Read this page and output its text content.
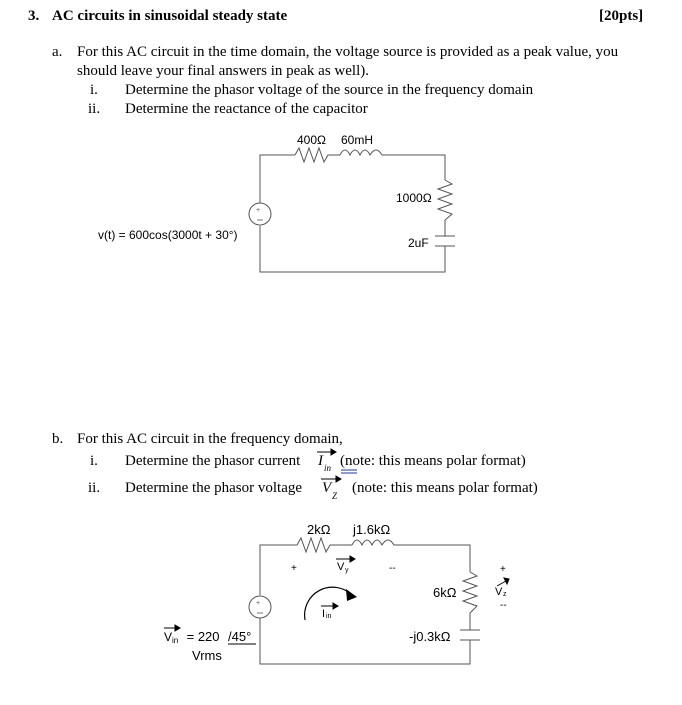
3. AC circuits in sinusoidal steady state	[20pts]
a. For this AC circuit in the time domain, the voltage source is provided as a peak value, you
should leave your final answers in peak as well).
i. Determine the phasor voltage of the source in the frequency domain
ii. Determine the reactance of the capacitor
+
400Ω 60mH
1000Ω
2uF
v(t) = 600cos(3000t + 30°)
b. For this AC circuit in the frequency domain,
i. Determine the phasor current I in (note: this means polar format)
ii. Determine the phasor voltage V Z (note: this means polar format)
+
2kΩ j1.6kΩ
6kΩ
-j0.3kΩ
+	V y	--
I in
+
V z
--
V in = 220 /45°
Vrms
